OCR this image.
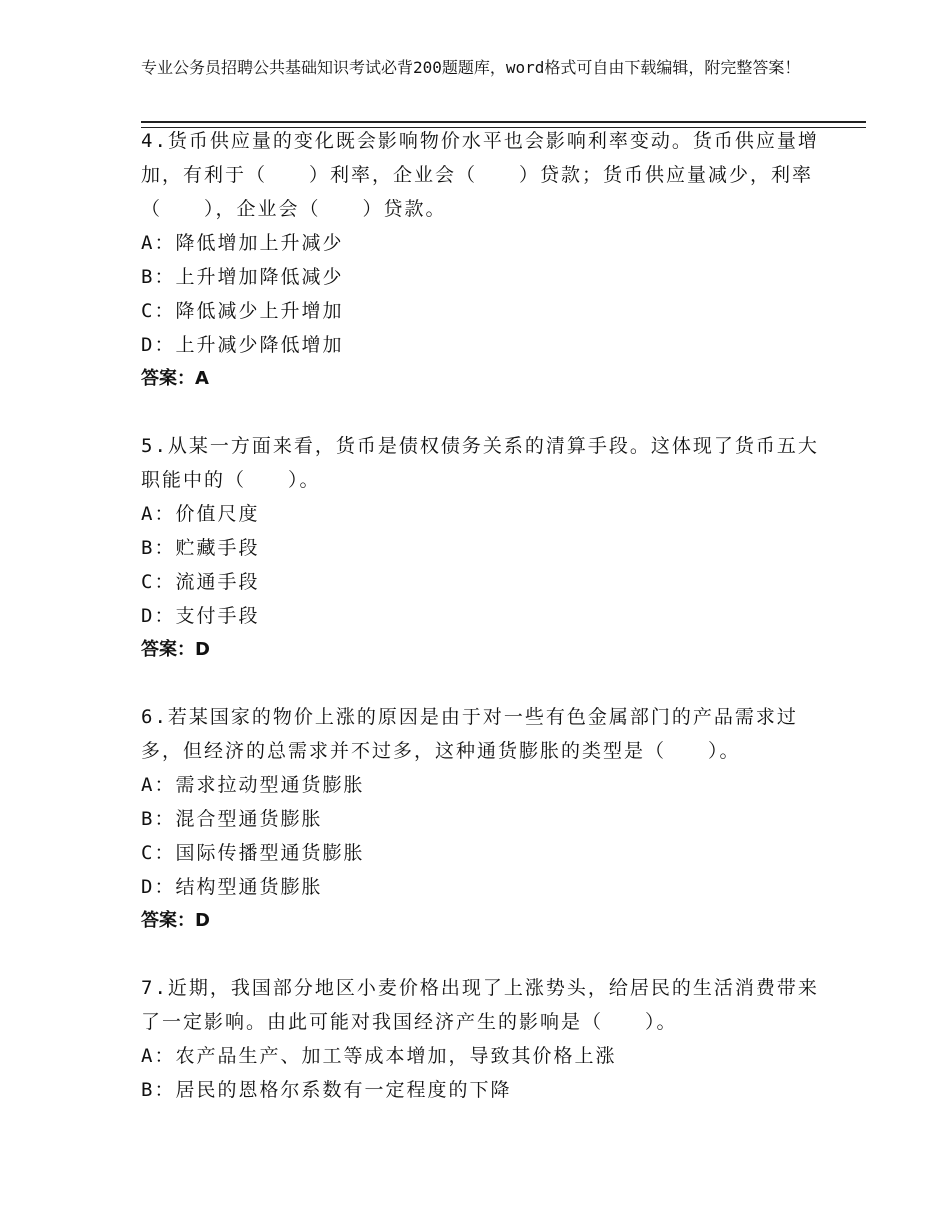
专业公务员招聘公共基础知识考试必背200题题库，word格式可自由下载编辑，附完整答案！
4.货币供应量的变化既会影响物价水平也会影响利率变动。货币供应量增加，有利于（　　）利率，企业会（　　）贷款；货币供应量减少，利率（　　），企业会（　　）贷款。
A：降低增加上升减少
B：上升增加降低减少
C：降低减少上升增加
D：上升减少降低增加
答案：A
5.从某一方面来看，货币是债权债务关系的清算手段。这体现了货币五大职能中的（　　）。
A：价值尺度
B：贮藏手段
C：流通手段
D：支付手段
答案：D
6.若某国家的物价上涨的原因是由于对一些有色金属部门的产品需求过多，但经济的总需求并不过多，这种通货膨胀的类型是（　　）。
A：需求拉动型通货膨胀
B：混合型通货膨胀
C：国际传播型通货膨胀
D：结构型通货膨胀
答案：D
7.近期，我国部分地区小麦价格出现了上涨势头，给居民的生活消费带来了一定影响。由此可能对我国经济产生的影响是（　　）。
A：农产品生产、加工等成本增加，导致其价格上涨
B：居民的恩格尔系数有一定程度的下降
